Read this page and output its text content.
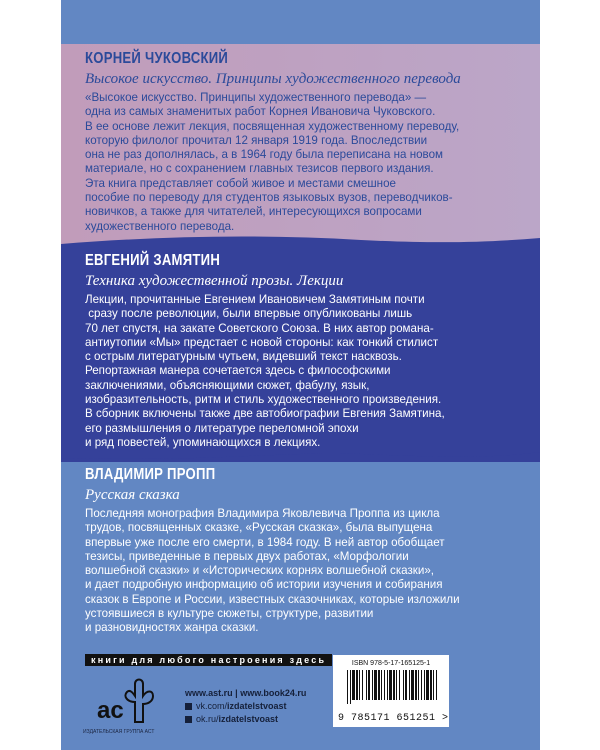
КОРНЕЙ ЧУКОВСКИЙ
Высокое искусство. Принципы художественного перевода
«Высокое искусство. Принципы художественного перевода» —
одна из самых знаменитых работ Корнея Ивановича Чуковского.
В ее основе лежит лекция, посвященная художественному переводу,
которую филолог прочитал 12 января 1919 года. Впоследствии
она не раз дополнялась, а в 1964 году была переписана на новом
материале, но с сохранением главных тезисов первого издания.
Эта книга представляет собой живое и местами смешное
пособие по переводу для студентов языковых вузов, переводчиков-
новичков, а также для читателей, интересующихся вопросами
художественного перевода.
ЕВГЕНИЙ ЗАМЯТИН
Техника художественной прозы. Лекции
Лекции, прочитанные Евгением Ивановичем Замятиным почти
сразу после революции, были впервые опубликованы лишь
70 лет спустя, на закате Советского Союза. В них автор романа-
антиутопии «Мы» предстает с новой стороны: как тонкий стилист
с острым литературным чутьем, видевший текст насквозь.
Репортажная манера сочетается здесь с философскими
заключениями, объясняющими сюжет, фабулу, язык,
изобразительность, ритм и стиль художественного произведения.
В сборник включены также две автобиографии Евгения Замятина,
его размышления о литературе переломной эпохи
и ряд повестей, упоминающихся в лекциях.
ВЛАДИМИР ПРОПП
Русская сказка
Последняя монография Владимира Яковлевича Проппа из цикла
трудов, посвященных сказке, «Русская сказка», была выпущена
впервые уже после его смерти, в 1984 году. В ней автор обобщает
тезисы, приведенные в первых двух работах, «Морфологии
волшебной сказки» и «Исторических корнях волшебной сказки»,
и дает подробную информацию об истории изучения и собирания
сказок в Европе и России, известных сказочниках, которые изложили
устоявшиеся в культуре сюжеты, структуре, развитии
и разновидностях жанра сказки.
книги для любого настроения здесь
ac
ИЗДАТЕЛЬСКАЯ ГРУППА АСТ
www.ast.ru | www.book24.ru
vk.com/izdatelstvoast
ok.ru/izdatelstvoast
ISBN 978-5-17-165125-1
9 785171 651251 >
